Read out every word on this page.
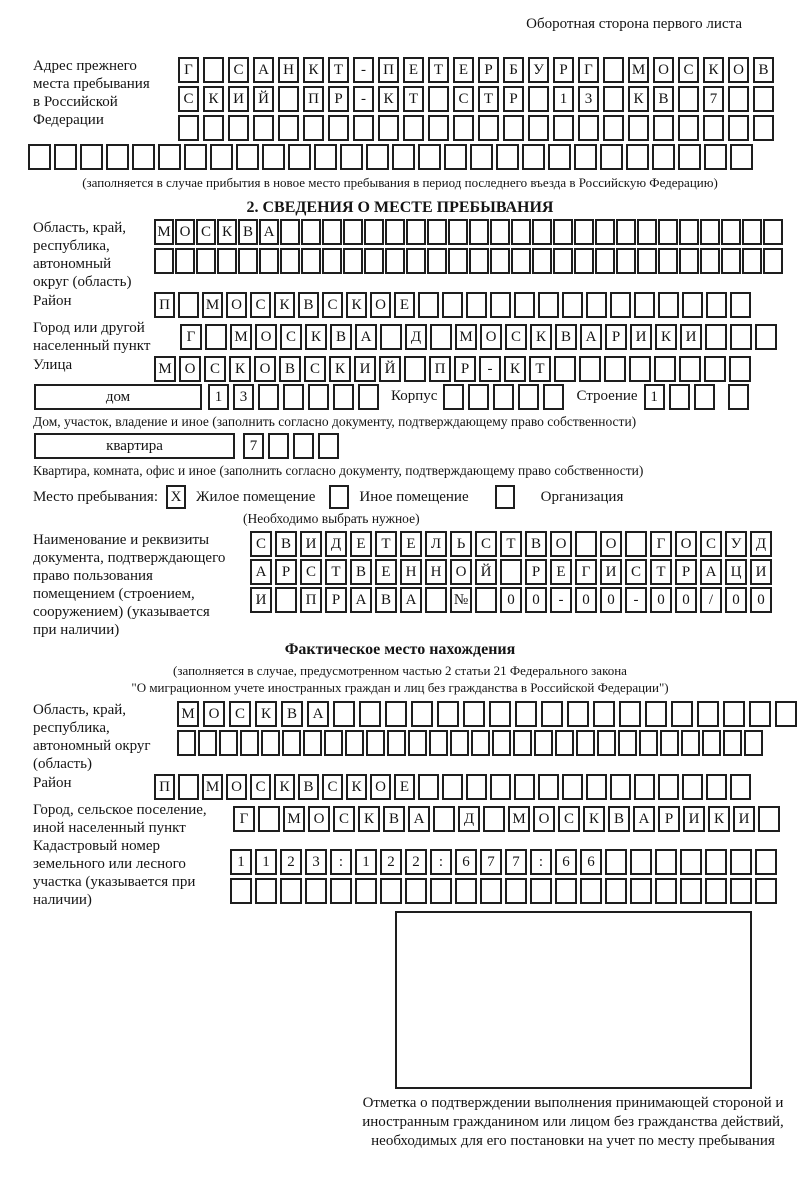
Оборотная сторона первого листа
Адрес прежнего места пребывания в Российской Федерации
Г	С А Н К	Т	-	П Е	Т	Е	Р	Б	У	Р	Г	М О С К О В
С К И Й	П	Р	-	К	Т	С	Т	Р	1	3	К В	7
(заполняется в случае прибытия в новое место пребывания в период последнего въезда в Российскую Федерацию)
2. СВЕДЕНИЯ О МЕСТЕ ПРЕБЫВАНИЯ
Область, край, республика, автономный округ (область)
М О С К В А
Район	П	М О С К В С К О Е
Город или другой населенный пункт
Г	М О С К В А	Д	М О С К В А	Р	И К И
Улица	М О С К О В С К И Й	П	Р	-	К	Т
дом	1	3	Корпус	Строение 1
Дом, участок, владение и иное (заполнить согласно документу, подтверждающему право собственности)
квартира	7
Квартира, комната, офис и иное (заполнить согласно документу, подтверждающему право собственности)
Место пребывания: Х Жилое помещение	Иное помещение	Организация
(Необходимо выбрать нужное)
Наименование и реквизиты документа, подтверждающего право пользования помещением (строением, сооружением) (указывается при наличии)
С В И Д	Е	Т	Е	Л	Ь	С	Т	В О	О	Г	О С У Д
А	Р	С	Т	В	Е	Н Н О Й	Р	Е	Г	И С	Т	Р	А Ц И
И	П	Р	А В А	№	0	0	-	0	0	-	0	0	/	0	0
Фактическое место нахождения
(заполняется в случае, предусмотренном частью 2 статьи 21 Федерального закона
"О миграционном учете иностранных граждан и лиц без гражданства в Российской Федерации")
Область, край, республика, автономный округ (область)
М О	С	К	В	А
Район	П	М О С К В С К О Е
Город, сельское поселение, иной населенный пункт
Г	М О С К В А	Д	М О С К В А	Р	И К И
Кадастровый номер земельного или лесного участка (указывается при наличии)
1	1	2	3	:	1	2	2	:	6	7	7	:	6	6
Отметка о подтверждении выполнения принимающей стороной и иностранным гражданином или лицом без гражданства действий, необходимых для его постановки на учет по месту пребывания
